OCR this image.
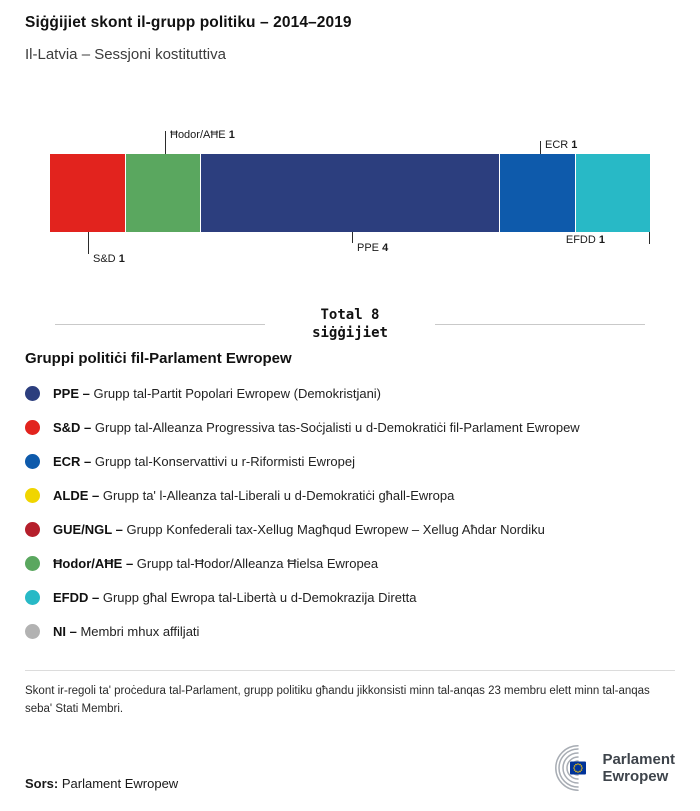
Siġġijiet skont il-grupp politiku – 2014–2019
Il-Latvia – Sessjoni kostituttiva
Ħodor/AĦE 1
ECR 1
S&D 1
PPE 4
EFDD 1
Total 8
siġġijiet
Gruppi politiċi fil-Parlament Ewropew
PPE – Grupp tal-Partit Popolari Ewropew (Demokristjani)
S&D – Grupp tal-Alleanza Progressiva tas-Soċjalisti u d-Demokratiċi fil-Parlament Ewropew
ECR – Grupp tal-Konservattivi u r-Riformisti Ewropej
ALDE – Grupp ta' l-Alleanza tal-Liberali u d-Demokratiċi għall-Ewropa
GUE/NGL – Grupp Konfederali tax-Xellug Magħqud Ewropew – Xellug Aħdar Nordiku
Ħodor/AĦE – Grupp tal-Ħodor/Alleanza Ħielsa Ewropea
EFDD – Grupp għal Ewropa tal-Libertà u d-Demokrazija Diretta
NI – Membri mhux affiljati
Skont ir-regoli ta' proċedura tal-Parlament, grupp politiku għandu jikkonsisti minn tal-anqas 23 membru elett minn tal-anqas seba' Stati Membri.
Sors: Parlament Ewropew
Parlament
Ewropew
